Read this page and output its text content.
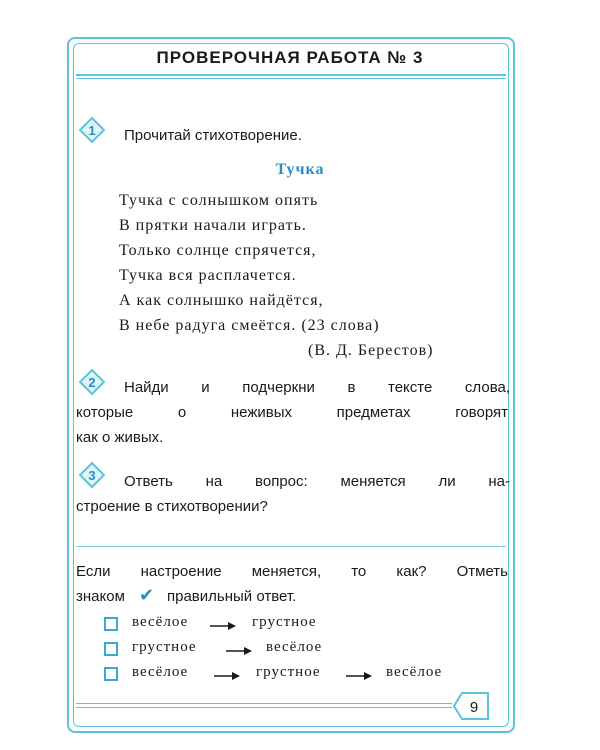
ПРОВЕРОЧНАЯ РАБОТА № 3
1 Прочитай стихотворение.
Тучка
Тучка с солнышком опять
В прятки начали играть.
Только солнце спрячется,
Тучка вся расплачется.
А как солнышко найдётся,
В небе радуга смеётся. (23 слова)
(В. Д. Берестов)
2 Найди и подчеркни в тексте слова,
которые о неживых предметах говорят
как о живых.
3 Ответь на вопрос: меняется ли на-
строение в стихотворении?
Если настроение меняется, то как? Отметь
знаком ✔ правильный ответ.
весёлое	грустное
грустное	весёлое
весёлое	грустное	весёлое
9
